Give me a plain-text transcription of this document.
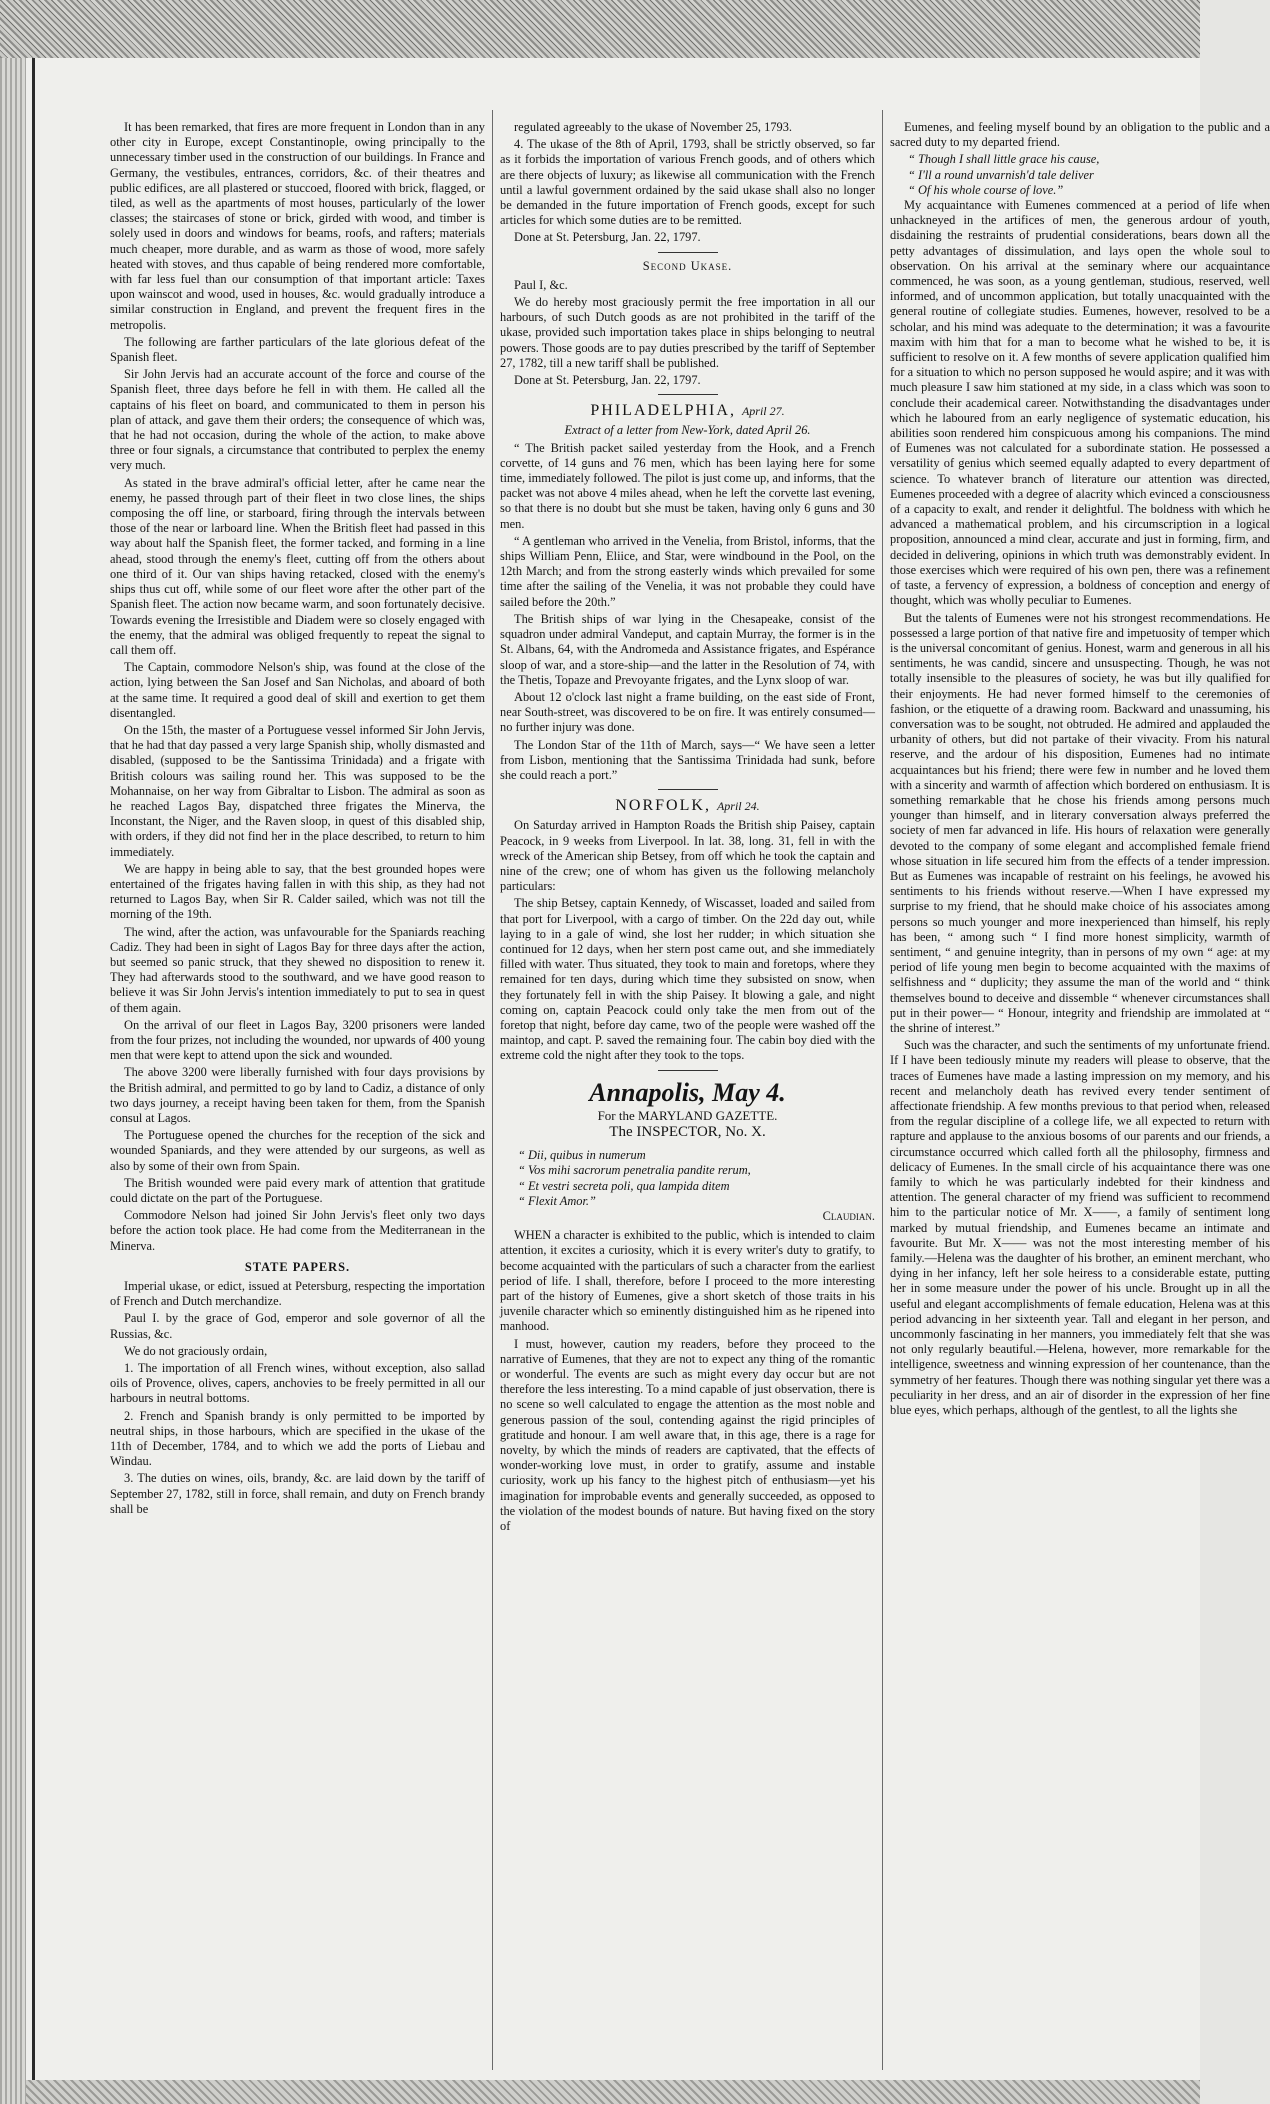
It has been remarked, that fires are more frequent in London than in any other city in Europe, except Constantinople, owing principally to the unnecessary timber used in the construction of our buildings. In France and Germany, the vestibules, entrances, corridors, &c. of their theatres and public edifices, are all plastered or stuccoed, floored with brick, flagged, or tiled, as well as the apartments of most houses, particularly of the lower classes; the staircases of stone or brick, girded with wood, and timber is solely used in doors and windows for beams, roofs, and rafters; materials much cheaper, more durable, and as warm as those of wood, more safely heated with stoves, and thus capable of being rendered more comfortable, with far less fuel than our consumption of that important article: Taxes upon wainscot and wood, used in houses, &c. would gradually introduce a similar construction in England, and prevent the frequent fires in the metropolis.

The following are farther particulars of the late glorious defeat of the Spanish fleet.

Sir John Jervis had an accurate account of the force and course of the Spanish fleet, three days before he fell in with them. He called all the captains of his fleet on board, and communicated to them in person his plan of attack, and gave them their orders; the consequence of which was, that he had not occasion, during the whole of the action, to make above three or four signals, a circumstance that contributed to perplex the enemy very much.

As stated in the brave admiral's official letter, after he came near the enemy, he passed through part of their fleet in two close lines, the ships composing the off line, or starboard, firing through the intervals between those of the near or larboard line. When the British fleet had passed in this way about half the Spanish fleet, the former tacked, and forming in a line ahead, stood through the enemy's fleet, cutting off from the others about one third of it. Our van ships having retacked, closed with the enemy's ships thus cut off, while some of our fleet wore after the other part of the Spanish fleet. The action now became warm, and soon fortunately decisive. Towards evening the Irresistible and Diadem were so closely engaged with the enemy, that the admiral was obliged frequently to repeat the signal to call them off.

The Captain, commodore Nelson's ship, was found at the close of the action, lying between the San Josef and San Nicholas, and aboard of both at the same time. It required a good deal of skill and exertion to get them disentangled.

On the 15th, the master of a Portuguese vessel informed Sir John Jervis, that he had that day passed a very large Spanish ship, wholly dismasted and disabled, (supposed to be the Santissima Trinidada) and a frigate with British colours was sailing round her. This was supposed to be the Mohannaise, on her way from Gibraltar to Lisbon. The admiral as soon as he reached Lagos Bay, dispatched three frigates the Minerva, the Inconstant, the Niger, and the Raven sloop, in quest of this disabled ship, with orders, if they did not find her in the place described, to return to him immediately.

We are happy in being able to say, that the best grounded hopes were entertained of the frigates having fallen in with this ship, as they had not returned to Lagos Bay, when Sir R. Calder sailed, which was not till the morning of the 19th.

The wind, after the action, was unfavourable for the Spaniards reaching Cadiz. They had been in sight of Lagos Bay for three days after the action, but seemed so panic struck, that they shewed no disposition to renew it. They had afterwards stood to the southward, and we have good reason to believe it was Sir John Jervis's intention immediately to put to sea in quest of them again.

On the arrival of our fleet in Lagos Bay, 3200 prisoners were landed from the four prizes, not including the wounded, nor upwards of 400 young men that were kept to attend upon the sick and wounded.

The above 3200 were liberally furnished with four days provisions by the British admiral, and permitted to go by land to Cadiz, a distance of only two days journey, a receipt having been taken for them, from the Spanish consul at Lagos.

The Portuguese opened the churches for the reception of the sick and wounded Spaniards, and they were attended by our surgeons, as well as also by some of their own from Spain.

The British wounded were paid every mark of attention that gratitude could dictate on the part of the Portuguese.

Commodore Nelson had joined Sir John Jervis's fleet only two days before the action took place. He had come from the Mediterranean in the Minerva.

STATE PAPERS.

Imperial ukase, or edict, issued at Petersburg, respecting the importation of French and Dutch merchandize.

Paul I. by the grace of God, emperor and sole governor of all the Russias, &c.

We do not graciously ordain,

1. The importation of all French wines, without exception, also sallad oils of Provence, olives, capers, anchovies to be freely permitted in all our harbours in neutral bottoms.

2. French and Spanish brandy is only permitted to be imported by neutral ships, in those harbours, which are specified in the ukase of the 11th of December, 1784, and to which we add the ports of Liebau and Windau.

3. The duties on wines, oils, brandy, &c. are laid down by the tariff of September 27, 1782, still in force, shall remain, and duty on French brandy shall be

regulated agreeably to the ukase of November 25, 1793.

4. The ukase of the 8th of April, 1793, shall be strictly observed, so far as it forbids the importation of various French goods, and of others which are there objects of luxury; as likewise all communication with the French until a lawful government ordained by the said ukase shall also no longer be demanded in the future importation of French goods, except for such articles for which some duties are to be remitted.

Done at St. Petersburg, Jan. 22, 1797.

Second Ukase.

Paul I, &c.

We do hereby most graciously permit the free importation in all our harbours, of such Dutch goods as are not prohibited in the tariff of the ukase, provided such importation takes place in ships belonging to neutral powers. Those goods are to pay duties prescribed by the tariff of September 27, 1782, till a new tariff shall be published.

Done at St. Petersburg, Jan. 22, 1797.

PHILADELPHIA, April 27.

Extract of a letter from New-York, dated April 26.

“ The British packet sailed yesterday from the Hook, and a French corvette, of 14 guns and 76 men, which has been laying here for some time, immediately followed. The pilot is just come up, and informs, that the packet was not above 4 miles ahead, when he left the corvette last evening, so that there is no doubt but she must be taken, having only 6 guns and 30 men.

“ A gentleman who arrived in the Venelia, from Bristol, informs, that the ships William Penn, Eliice, and Star, were windbound in the Pool, on the 12th March; and from the strong easterly winds which prevailed for some time after the sailing of the Venelia, it was not probable they could have sailed before the 20th.”

The British ships of war lying in the Chesapeake, consist of the squadron under admiral Vandeput, and captain Murray, the former is in the St. Albans, 64, with the Andromeda and Assistance frigates, and Espérance sloop of war, and a store-ship—and the latter in the Resolution of 74, with the Thetis, Topaze and Prevoyante frigates, and the Lynx sloop of war.

About 12 o'clock last night a frame building, on the east side of Front, near South-street, was discovered to be on fire. It was entirely consumed—no further injury was done.

The London Star of the 11th of March, says—“ We have seen a letter from Lisbon, mentioning that the Santissima Trinidada had sunk, before she could reach a port.”

NORFOLK, April 24.

On Saturday arrived in Hampton Roads the British ship Paisey, captain Peacock, in 9 weeks from Liverpool. In lat. 38, long. 31, fell in with the wreck of the American ship Betsey, from off which he took the captain and nine of the crew; one of whom has given us the following melancholy particulars:

The ship Betsey, captain Kennedy, of Wiscasset, loaded and sailed from that port for Liverpool, with a cargo of timber. On the 22d day out, while laying to in a gale of wind, she lost her rudder; in which situation she continued for 12 days, when her stern post came out, and she immediately filled with water. Thus situated, they took to main and foretops, where they remained for ten days, during which time they subsisted on snow, when they fortunately fell in with the ship Paisey. It blowing a gale, and night coming on, captain Peacock could only take the men from out of the foretop that night, before day came, two of the people were washed off the maintop, and capt. P. saved the remaining four. The cabin boy died with the extreme cold the night after they took to the tops.

Annapolis, May 4.
For the MARYLAND GAZETTE.
The INSPECTOR, No. X.

“ Dii, quibus in numerum

“ Vos mihi sacrorum penetralia pandite rerum,

“ Et vestri secreta poli, qua lampida ditem

“ Flexit Amor.”

Claudian.

WHEN a character is exhibited to the public, which is intended to claim attention, it excites a curiosity, which it is every writer's duty to gratify, to become acquainted with the particulars of such a character from the earliest period of life. I shall, therefore, before I proceed to the more interesting part of the history of Eumenes, give a short sketch of those traits in his juvenile character which so eminently distinguished him as he ripened into manhood.

I must, however, caution my readers, before they proceed to the narrative of Eumenes, that they are not to expect any thing of the romantic or wonderful. The events are such as might every day occur but are not therefore the less interesting. To a mind capable of just observation, there is no scene so well calculated to engage the attention as the most noble and generous passion of the soul, contending against the rigid principles of gratitude and honour. I am well aware that, in this age, there is a rage for novelty, by which the minds of readers are captivated, that the effects of wonder-working love must, in order to gratify, assume and instable curiosity, work up his fancy to the highest pitch of enthusiasm—yet his imagination for improbable events and generally succeeded, as opposed to the violation of the modest bounds of nature. But having fixed on the story of

Eumenes, and feeling myself bound by an obligation to the public and a sacred duty to my departed friend.

“ Though I shall little grace his cause,

“ I'll a round unvarnish'd tale deliver

“ Of his whole course of love.”

My acquaintance with Eumenes commenced at a period of life when unhackneyed in the artifices of men, the generous ardour of youth, disdaining the restraints of prudential considerations, bears down all the petty advantages of dissimulation, and lays open the whole soul to observation. On his arrival at the seminary where our acquaintance commenced, he was soon, as a young gentleman, studious, reserved, well informed, and of uncommon application, but totally unacquainted with the general routine of collegiate studies. Eumenes, however, resolved to be a scholar, and his mind was adequate to the determination; it was a favourite maxim with him that for a man to become what he wished to be, it is sufficient to resolve on it. A few months of severe application qualified him for a situation to which no person supposed he would aspire; and it was with much pleasure I saw him stationed at my side, in a class which was soon to conclude their academical career. Notwithstanding the disadvantages under which he laboured from an early negligence of systematic education, his abilities soon rendered him conspicuous among his companions. The mind of Eumenes was not calculated for a subordinate station. He possessed a versatility of genius which seemed equally adapted to every department of science. To whatever branch of literature our attention was directed, Eumenes proceeded with a degree of alacrity which evinced a consciousness of a capacity to exalt, and render it delightful. The boldness with which he advanced a mathematical problem, and his circumscription in a logical proposition, announced a mind clear, accurate and just in forming, firm, and decided in delivering, opinions in which truth was demonstrably evident. In those exercises which were required of his own pen, there was a refinement of taste, a fervency of expression, a boldness of conception and energy of thought, which was wholly peculiar to Eumenes.

But the talents of Eumenes were not his strongest recommendations. He possessed a large portion of that native fire and impetuosity of temper which is the universal concomitant of genius. Honest, warm and generous in all his sentiments, he was candid, sincere and unsuspecting. Though, he was not totally insensible to the pleasures of society, he was but illy qualified for their enjoyments. He had never formed himself to the ceremonies of fashion, or the etiquette of a drawing room. Backward and unassuming, his conversation was to be sought, not obtruded. He admired and applauded the urbanity of others, but did not partake of their vivacity. From his natural reserve, and the ardour of his disposition, Eumenes had no intimate acquaintances but his friend; there were few in number and he loved them with a sincerity and warmth of affection which bordered on enthusiasm. It is something remarkable that he chose his friends among persons much younger than himself, and in literary conversation always preferred the society of men far advanced in life. His hours of relaxation were generally devoted to the company of some elegant and accomplished female friend whose situation in life secured him from the effects of a tender impression. But as Eumenes was incapable of restraint on his feelings, he avowed his sentiments to his friends without reserve.—When I have expressed my surprise to my friend, that he should make choice of his associates among persons so much younger and more inexperienced than himself, his reply has been, “ among such “ I find more honest simplicity, warmth of sentiment, “ and genuine integrity, than in persons of my own “ age: at my period of life young men begin to become acquainted with the maxims of selfishness and “ duplicity; they assume the man of the world and “ think themselves bound to deceive and dissemble “ whenever circumstances shall put in their power— “ Honour, integrity and friendship are immolated at “ the shrine of interest.”

Such was the character, and such the sentiments of my unfortunate friend. If I have been tediously minute my readers will please to observe, that the traces of Eumenes have made a lasting impression on my memory, and his recent and melancholy death has revived every tender sentiment of affectionate friendship. A few months previous to that period when, released from the regular discipline of a college life, we all expected to return with rapture and applause to the anxious bosoms of our parents and our friends, a circumstance occurred which called forth all the philosophy, firmness and delicacy of Eumenes. In the small circle of his acquaintance there was one family to which he was particularly indebted for their kindness and attention. The general character of my friend was sufficient to recommend him to the particular notice of Mr. X——, a family of sentiment long marked by mutual friendship, and Eumenes became an intimate and favourite. But Mr. X—— was not the most interesting member of his family.—Helena was the daughter of his brother, an eminent merchant, who dying in her infancy, left her sole heiress to a considerable estate, putting her in some measure under the power of his uncle. Brought up in all the useful and elegant accomplishments of female education, Helena was at this period advancing in her sixteenth year. Tall and elegant in her person, and uncommonly fascinating in her manners, you immediately felt that she was not only regularly beautiful.—Helena, however, more remarkable for the intelligence, sweetness and winning expression of her countenance, than the symmetry of her features. Though there was nothing singular yet there was a peculiarity in her dress, and an air of disorder in the expression of her fine blue eyes, which perhaps, although of the gentlest, to all the lights she
